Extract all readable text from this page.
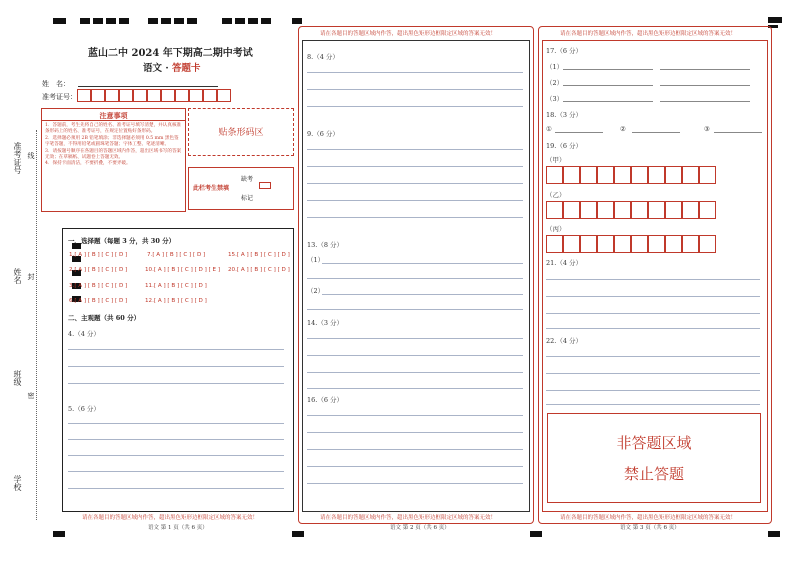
准考证号 线
姓名 封
班级
密
学校
蓝山二中 2024 年下期高二期中考试
语文 · 答题卡
姓　名：
准考证号：
注意事项
1．答题前，考生先将自己的姓名、准考证号填写清楚，并认真核准条形码上的姓名、准考证号，在规定位置贴好条形码。
2．选择题必须用 2B 铅笔填涂；非选择题必须用 0.5 mm 黑色签字笔答题，不得用铅笔或圆珠笔答题；字体工整、笔迹清晰。
3．请按题号顺序在各题目的答题区域内作答，超出区域书写的答案无效；在草稿纸、试题卷上答题无效。
4．保持卡面清洁，不要折叠，不要弄破。
贴条形码区
此栏考生禁填
缺考
标记
一、选择题（每题 3 分，共 30 分）
1.[ A ] [ B ] [ C ] [ D ]	7.[ A ] [ B ] [ C ] [ D ]	15.[ A ] [ B ] [ C ] [ D ]
2.[ A ] [ B ] [ C ] [ D ]	10.[ A ] [ B ] [ C ] [ D ] [ E ] 20.[ A ] [ B ] [ C ] [ D ]
3.[ A ] [ B ] [ C ] [ D ]	11.[ A ] [ B ] [ C ] [ D ]
6.[ A ] [ B ] [ C ] [ D ]	12.[ A ] [ B ] [ C ] [ D ]
二、主观题（共 60 分）
4.（4 分）
5.（6 分）
请在各题目的答题区域内作答，超出黑色矩形边框限定区域的答案无效！
语文 第 1 页（共 6 页）
请在各题目的答题区域内作答，超出黑色矩形边框限定区域的答案无效！
8.（4 分）
9.（6 分）
13.（8 分）
（1）
（2）
14.（3 分）
16.（6 分）
请在各题目的答题区域内作答，超出黑色矩形边框限定区域的答案无效！
语文 第 2 页（共 6 页）
请在各题目的答题区域内作答，超出黑色矩形边框限定区域的答案无效！
17.（6 分）
（1）
（2）
（3）
18.（3 分）
①	②	③
19.（6 分）
（甲）
（乙）
（丙）
21.（4 分）
22.（4 分）
非答题区域
禁止答题
请在各题目的答题区域内作答，超出黑色矩形边框限定区域的答案无效！
语文 第 3 页（共 6 页）
